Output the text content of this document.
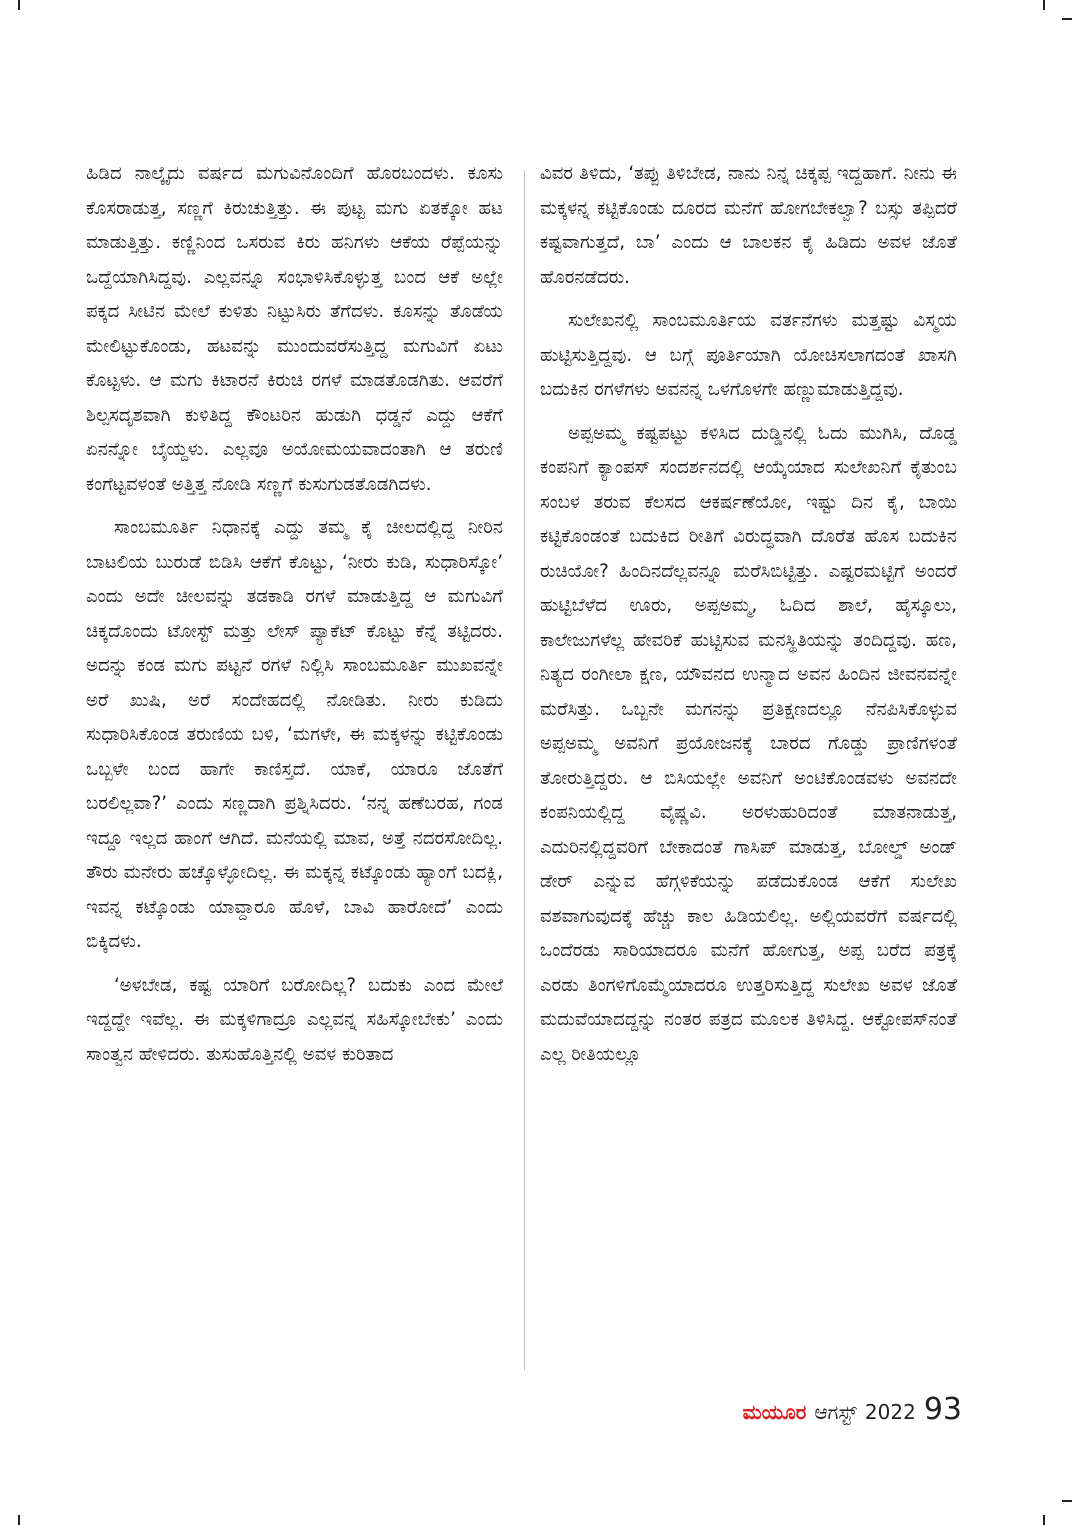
ಹಿಡಿದ ನಾಲ್ಕೈದು ವರ್ಷದ ಮಗುವಿನೊಂದಿಗೆ ಹೊರಬಂದಳು. ಕೂಸು ಕೊಸರಾಡುತ್ತ, ಸಣ್ಣಗೆ ಕಿರುಚುತ್ತಿತ್ತು. ಈ ಪುಟ್ಟ ಮಗು ಏತಕ್ಕೋ ಹಟ ಮಾಡುತ್ತಿತ್ತು. ಕಣ್ಣಿನಿಂದ ಒಸರುವ ಕಿರು ಹನಿಗಳು ಆಕೆಯ ರೆಪ್ಪೆಯನ್ನು ಒದ್ದೆಯಾಗಿಸಿದ್ದವು. ಎಲ್ಲವನ್ನೂ ಸಂಭಾಳಿಸಿಕೊಳ್ಳುತ್ತ ಬಂದ ಆಕೆ ಅಲ್ಲೇ ಪಕ್ಕದ ಸೀಟಿನ ಮೇಲೆ ಕುಳಿತು ನಿಟ್ಟುಸಿರು ತೆಗೆದಳು. ಕೂಸನ್ನು ತೊಡೆಯ ಮೇಲಿಟ್ಟುಕೊಂಡು, ಹಟವನ್ನು ಮುಂದುವರೆಸುತ್ತಿದ್ದ ಮಗುವಿಗೆ ಏಟು ಕೊಟ್ಟಳು. ಆ ಮಗು ಕಿಟಾರನೆ ಕಿರುಚಿ ರಗಳೆ ಮಾಡತೊಡಗಿತು. ಆವರೆಗೆ ಶಿಲ್ಪಸದೃಶವಾಗಿ ಕುಳಿತಿದ್ದ ಕೌಂಟರಿನ ಹುಡುಗಿ ಧಡ್ಡನೆ ಎದ್ದು ಆಕೆಗೆ ಏನನ್ನೋ ಬೈಯ್ದಳು. ಎಲ್ಲವೂ ಅಯೋಮಯವಾದಂತಾಗಿ ಆ ತರುಣಿ ಕಂಗೆಟ್ಟವಳಂತೆ ಅತ್ತಿತ್ತ ನೋಡಿ ಸಣ್ಣಗೆ ಕುಸುಗುಡತೊಡಗಿದಳು.

ಸಾಂಬಮೂರ್ತಿ ನಿಧಾನಕ್ಕೆ ಎದ್ದು ತಮ್ಮ ಕೈ ಚೀಲದಲ್ಲಿದ್ದ ನೀರಿನ ಬಾಟಲಿಯ ಬುರುಡೆ ಬಿಡಿಸಿ ಆಕೆಗೆ ಕೊಟ್ಟು, ‘ನೀರು ಕುಡಿ, ಸುಧಾರಿಸ್ಕೋ’ ಎಂದು ಅದೇ ಚೀಲವನ್ನು ತಡಕಾಡಿ ರಗಳೆ ಮಾಡುತ್ತಿದ್ದ ಆ ಮಗುವಿಗೆ ಚಿಕ್ಕದೊಂದು ಟೋಸ್ಟ್ ಮತ್ತು ಲೇಸ್ ಪ್ಯಾಕೆಟ್ ಕೊಟ್ಟು ಕೆನ್ನೆ ತಟ್ಟಿದರು. ಅದನ್ನು ಕಂಡ ಮಗು ಪಟ್ಟನೆ ರಗಳೆ ನಿಲ್ಲಿಸಿ ಸಾಂಬಮೂರ್ತಿ ಮುಖವನ್ನೇ ಅರೆ ಖುಷಿ, ಅರೆ ಸಂದೇಹದಲ್ಲಿ ನೋಡಿತು. ನೀರು ಕುಡಿದು ಸುಧಾರಿಸಿಕೊಂಡ ತರುಣಿಯ ಬಳಿ, ‘ಮಗಳೇ, ಈ ಮಕ್ಕಳನ್ನು ಕಟ್ಟಿಕೊಂಡು ಒಬ್ಬಳೇ ಬಂದ ಹಾಗೇ ಕಾಣಿಸ್ತದೆ. ಯಾಕೆ, ಯಾರೂ ಜೊತೆಗೆ ಬರಲಿಲ್ಲವಾ?’ ಎಂದು ಸಣ್ಣದಾಗಿ ಪ್ರಶ್ನಿಸಿದರು. ‘ನನ್ನ ಹಣೆಬರಹ, ಗಂಡ ಇದ್ದೂ ಇಲ್ಲದ ಹಾಂಗೆ ಆಗಿದೆ. ಮನೆಯಲ್ಲಿ ಮಾವ, ಅತ್ತೆ ನದರಸೋದಿಲ್ಲ. ತೌರು ಮನೇರು ಹಚ್ಕೊಳ್ಳೋದಿಲ್ಲ. ಈ ಮಕ್ಕನ್ನ ಕಟ್ಕೊಂಡು ಹ್ಯಾಂಗೆ ಬದಕ್ಲಿ, ಇವನ್ನ ಕಟ್ಕೊಂಡು ಯಾವ್ದಾರೂ ಹೊಳೆ, ಬಾವಿ ಹಾರೋದೆ’ ಎಂದು ಬಿಕ್ಕಿದಳು.

‘ಅಳಬೇಡ, ಕಷ್ಟ ಯಾರಿಗೆ ಬರೋದಿಲ್ಲ? ಬದುಕು ಎಂದ ಮೇಲೆ ಇದ್ದದ್ದೇ ಇವೆಲ್ಲ. ಈ ಮಕ್ಕಳಿಗಾದ್ರೂ ಎಲ್ಲವನ್ನ ಸಹಿಸ್ಕೋಬೇಕು’ ಎಂದು ಸಾಂತ್ವನ ಹೇಳಿದರು. ತುಸುಹೊತ್ತಿನಲ್ಲಿ ಅವಳ ಕುರಿತಾದ

ವಿವರ ತಿಳಿದು, ‘ತಪ್ಪು ತಿಳಿಬೇಡ, ನಾನು ನಿನ್ನ ಚಿಕ್ಕಪ್ಪ ಇದ್ದಹಾಗೆ. ನೀನು ಈ ಮಕ್ಕಳನ್ನ ಕಟ್ಟಿಕೊಂಡು ದೂರದ ಮನೆಗೆ ಹೋಗಬೇಕಲ್ವಾ? ಬಸ್ಸು ತಪ್ಪಿದರೆ ಕಷ್ಟವಾಗುತ್ತದೆ, ಬಾ’ ಎಂದು ಆ ಬಾಲಕನ ಕೈ ಹಿಡಿದು ಅವಳ ಜೊತೆ ಹೊರನಡೆದರು.

ಸುಲೇಖನಲ್ಲಿ ಸಾಂಬಮೂರ್ತಿಯ ವರ್ತನೆಗಳು ಮತ್ತಷ್ಟು ವಿಸ್ಮಯ ಹುಟ್ಟಿಸುತ್ತಿದ್ದವು. ಆ ಬಗ್ಗೆ ಪೂರ್ತಿಯಾಗಿ ಯೋಚಿಸಲಾಗದಂತೆ ಖಾಸಗಿ ಬದುಕಿನ ರಗಳೆಗಳು ಅವನನ್ನ ಒಳಗೊಳಗೇ ಹಣ್ಣುಮಾಡುತ್ತಿದ್ದವು.

ಅಪ್ಪಅಮ್ಮ ಕಷ್ಟಪಟ್ಟು ಕಳಿಸಿದ ದುಡ್ಡಿನಲ್ಲಿ ಓದು ಮುಗಿಸಿ, ದೊಡ್ಡ ಕಂಪನಿಗೆ ಕ್ಯಾಂಪಸ್ ಸಂದರ್ಶನದಲ್ಲಿ ಆಯ್ಕೆಯಾದ ಸುಲೇಖನಿಗೆ ಕೈತುಂಬ ಸಂಬಳ ತರುವ ಕೆಲಸದ ಆಕರ್ಷಣೆಯೋ, ಇಷ್ಟು ದಿನ ಕೈ, ಬಾಯಿ ಕಟ್ಟಿಕೊಂಡಂತೆ ಬದುಕಿದ ರೀತಿಗೆ ವಿರುದ್ಧವಾಗಿ ದೊರೆತ ಹೊಸ ಬದುಕಿನ ರುಚಿಯೋ? ಹಿಂದಿನದೆಲ್ಲವನ್ನೂ ಮರೆಸಿಬಿಟ್ಟಿತ್ತು. ಎಷ್ಟರಮಟ್ಟಿಗೆ ಅಂದರೆ ಹುಟ್ಟಿಬೆಳೆದ ಊರು, ಅಪ್ಪಅಮ್ಮ, ಓದಿದ ಶಾಲೆ, ಹೈಸ್ಕೂಲು, ಕಾಲೇಜುಗಳೆಲ್ಲ ಹೇವರಿಕೆ ಹುಟ್ಟಿಸುವ ಮನಸ್ಥಿತಿಯನ್ನು ತಂದಿದ್ದವು. ಹಣ, ನಿತ್ಯದ ರಂಗೀಲಾ ಕ್ಷಣ, ಯೌವನದ ಉನ್ಮಾದ ಅವನ ಹಿಂದಿನ ಜೀವನವನ್ನೇ ಮರೆಸಿತ್ತು. ಒಬ್ಬನೇ ಮಗನನ್ನು ಪ್ರತಿಕ್ಷಣದಲ್ಲೂ ನೆನಪಿಸಿಕೊಳ್ಳುವ ಅಪ್ಪಅಮ್ಮ ಅವನಿಗೆ ಪ್ರಯೋಜನಕ್ಕೆ ಬಾರದ ಗೊಡ್ಡು ಪ್ರಾಣಿಗಳಂತೆ ತೋರುತ್ತಿದ್ದರು. ಆ ಬಿಸಿಯಲ್ಲೇ ಅವನಿಗೆ ಅಂಟಿಕೊಂಡವಳು ಅವನದೇ ಕಂಪನಿಯಲ್ಲಿದ್ದ ವೈಷ್ಣವಿ. ಅರಳುಹುರಿದಂತೆ ಮಾತನಾಡುತ್ತ, ಎದುರಿನಲ್ಲಿದ್ದವರಿಗೆ ಬೇಕಾದಂತೆ ಗಾಸಿಪ್ ಮಾಡುತ್ತ, ಬೋಲ್ಡ್ ಅಂಡ್ ಡೇರ್ ಎನ್ನುವ ಹೆಗ್ಗಳಿಕೆಯನ್ನು ಪಡೆದುಕೊಂಡ ಆಕೆಗೆ ಸುಲೇಖ ವಶವಾಗುವುದಕ್ಕೆ ಹೆಚ್ಚು ಕಾಲ ಹಿಡಿಯಲಿಲ್ಲ. ಅಲ್ಲಿಯವರೆಗೆ ವರ್ಷದಲ್ಲಿ ಒಂದೆರಡು ಸಾರಿಯಾದರೂ ಮನೆಗೆ ಹೋಗುತ್ತ, ಅಪ್ಪ ಬರೆದ ಪತ್ರಕ್ಕೆ ಎರಡು ತಿಂಗಳಿಗೊಮ್ಮೆಯಾದರೂ ಉತ್ತರಿಸುತ್ತಿದ್ದ ಸುಲೇಖ ಅವಳ ಜೊತೆ ಮದುವೆಯಾದದ್ದನ್ನು ನಂತರ ಪತ್ರದ ಮೂಲಕ ತಿಳಿಸಿದ್ದ. ಆಕ್ಟೋಪಸ್‌ನಂತೆ ಎಲ್ಲ ರೀತಿಯಲ್ಲೂ

ಮಯೂರ ಆಗಸ್ಟ್ 2022 93
